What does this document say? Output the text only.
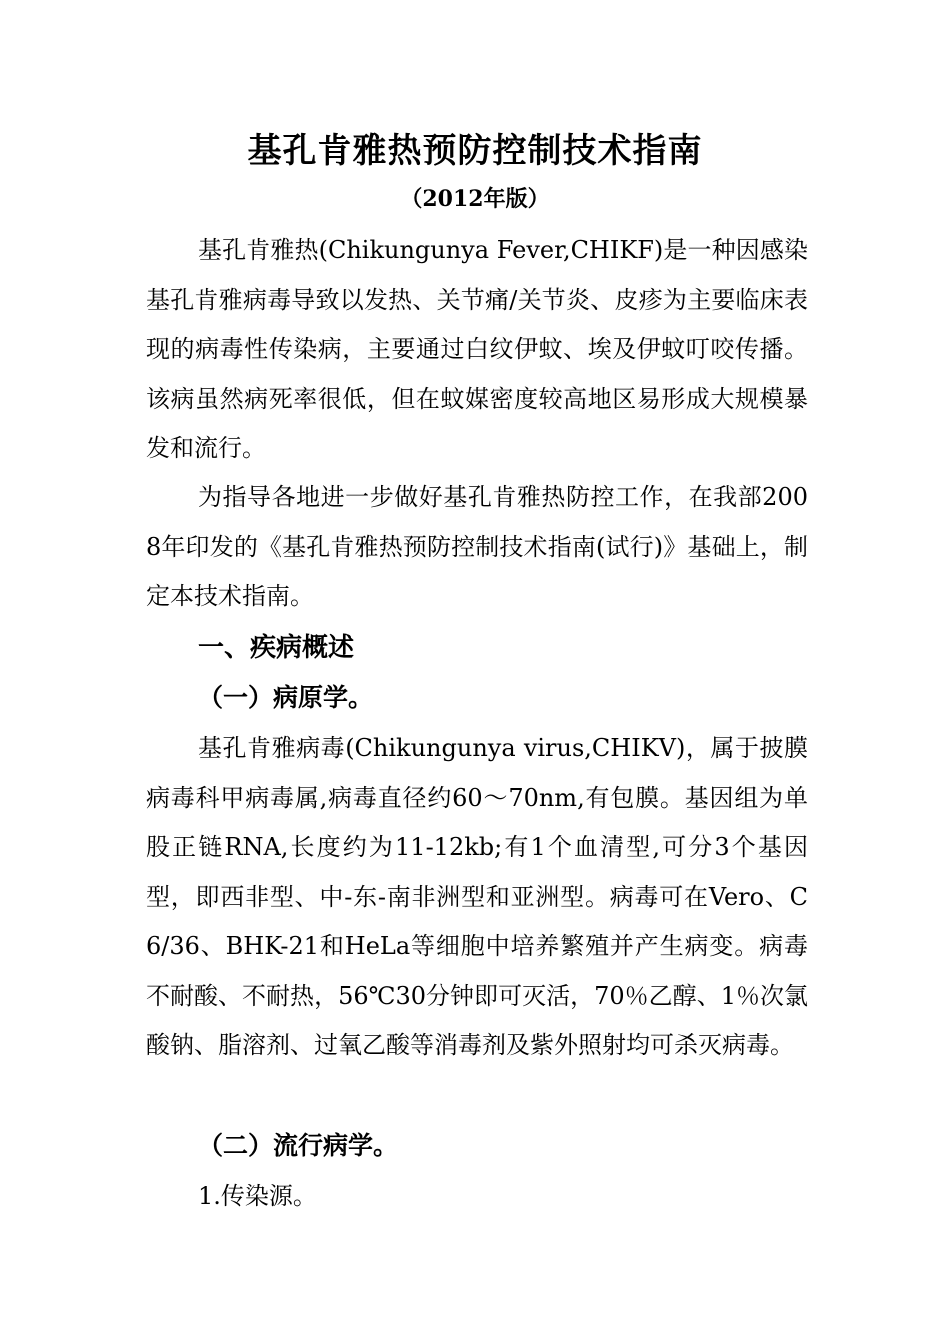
基孔肯雅热预防控制技术指南

（2012年版）

基孔肯雅热(Chikungunya Fever,CHIKF)是一种因感染基孔肯雅病毒导致以发热、关节痛/关节炎、皮疹为主要临床表现的病毒性传染病，主要通过白纹伊蚊、埃及伊蚊叮咬传播。该病虽然病死率很低，但在蚊媒密度较高地区易形成大规模暴发和流行。

为指导各地进一步做好基孔肯雅热防控工作，在我部2008年印发的《基孔肯雅热预防控制技术指南(试行)》基础上，制定本技术指南。

一、疾病概述
（一）病原学。

基孔肯雅病毒(Chikungunya virus,CHIKV)，属于披膜病毒科甲病毒属,病毒直径约60～70nm,有包膜。基因组为单股正链RNA,长度约为11-12kb;有1个血清型,可分3个基因型，即西非型、中-东-南非洲型和亚洲型。病毒可在Vero、C6/36、BHK-21和HeLa等细胞中培养繁殖并产生病变。病毒不耐酸、不耐热，56℃30分钟即可灭活，70％乙醇、1％次氯酸钠、脂溶剂、过氧乙酸等消毒剂及紫外照射均可杀灭病毒。

（二）流行病学。

1.传染源。
